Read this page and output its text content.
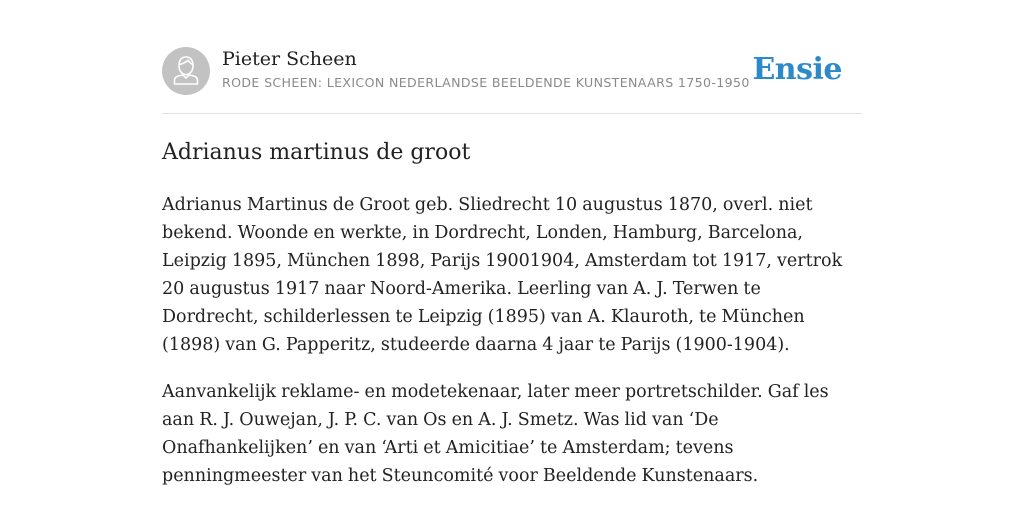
Pieter Scheen
RODE SCHEEN: LEXICON NEDERLANDSE BEELDENDE KUNSTENAARS 1750-1950 Ensie
Adrianus martinus de groot

Adrianus Martinus de Groot geb. Sliedrecht 10 augustus 1870, overl. niet bekend. Woonde en werkte, in Dordrecht, Londen, Hamburg, Barcelona, Leipzig 1895, München 1898, Parijs 19001904, Amsterdam tot 1917, vertrok 20 augustus 1917 naar Noord-Amerika. Leerling van A. J. Terwen te Dordrecht, schilderlessen te Leipzig (1895) van A. Klauroth, te München (1898) van G. Papperitz, studeerde daarna 4 jaar te Parijs (1900-1904).

Aanvankelijk reklame- en modetekenaar, later meer portretschilder. Gaf les aan R. J. Ouwejan, J. P. C. van Os en A. J. Smetz. Was lid van ‘De Onafhankelijken’ en van ‘Arti et Amicitiae’ te Amsterdam; tevens penningmeester van het Steuncomité voor Beeldende Kunstenaars.
